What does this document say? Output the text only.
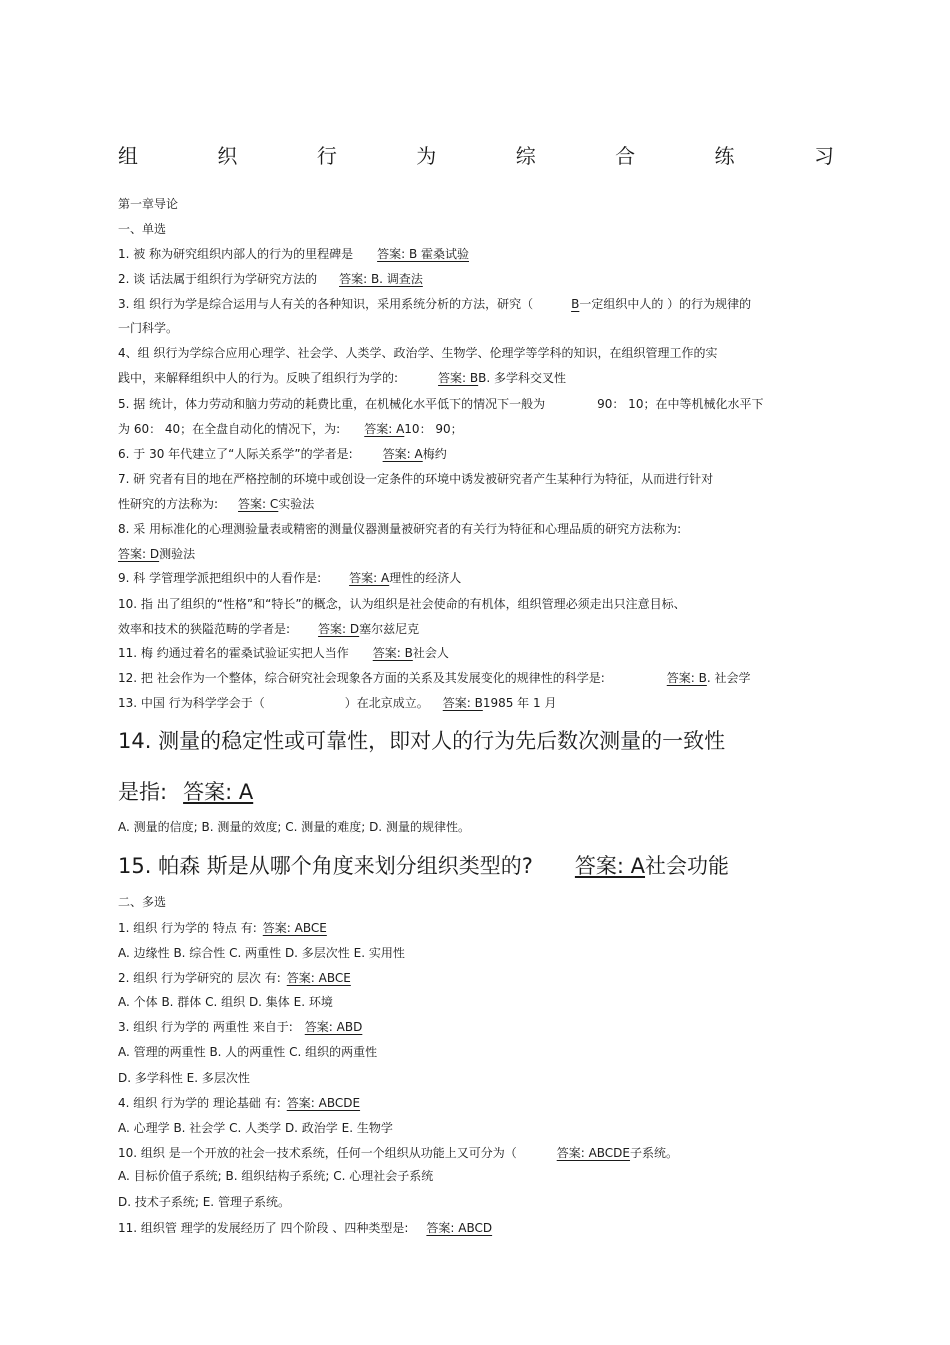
组	织	行	为	综	合	练	习
第一章导论
一、单选
1. 被 称为研究组织内部人的行为的里程碑是 答案: B 霍桑试验
2. 谈 话法属于组织行为学研究方法的 答案: B. 调查法
3. 组 织行为学是综合运用与人有关的各种知识，采用系统分析的方法，研究（	B一定组织中人的 ）的行为规律的
一门科学。
4、组 织行为学综合应用心理学、社会学、人类学、政治学、生物学、伦理学等学科的知识，在组织管理工作的实
践中，来解释组织中人的行为。反映了组织行为学的:	答案: BB. 多学科交叉性
5. 据 统计，体力劳动和脑力劳动的耗费比重，在机械化水平低下的情况下一般为	90： 10；在中等机械化水平下
为 60： 40；在全盘自动化的情况下，为: 答案: A10： 90；
6. 于 30 年代建立了“人际关系学”的学者是:	答案: A梅约
7. 研 究者有目的地在严格控制的环境中或创设一定条件的环境中诱发被研究者产生某种行为特征，从而进行针对
性研究的方法称为: 答案: C实验法
8. 采 用标准化的心理测验量表或精密的测量仪器测量被研究者的有关行为特征和心理品质的研究方法称为:
答案: D测验法
9. 科 学管理学派把组织中的人看作是: 答案: A理性的经济人
10. 指 出了组织的“性格”和“特长”的概念，认为组织是社会使命的有机体，组织管理必须走出只注意目标、
效率和技术的狭隘范畴的学者是: 答案: D塞尔兹尼克
11. 梅 约通过着名的霍桑试验证实把人当作 答案: B社会人
12. 把 社会作为一个整体，综合研究社会现象各方面的关系及其发展变化的规律性的科学是:	答案: B. 社会学
13. 中国 行为科学学会于（	）在北京成立。 答案: B1985 年 1 月
14. 测量的稳定性或可靠性，即对人的行为先后数次测量的一致性
是指: 答案: A
A. 测量的信度; B. 测量的效度; C. 测量的难度; D. 测量的规律性。
15. 帕森 斯是从哪个角度来划分组织类型的? 答案: A社会功能
二、多选
1. 组织 行为学的 特点 有: 答案: ABCE
A. 边缘性 B. 综合性 C. 两重性 D. 多层次性 E. 实用性
2. 组织 行为学研究的 层次 有: 答案: ABCE
A. 个体 B. 群体 C. 组织 D. 集体 E. 环境
3. 组织 行为学的 两重性 来自于: 答案: ABD
A. 管理的两重性 B. 人的两重性 C. 组织的两重性
D. 多学科性 E. 多层次性
4. 组织 行为学的 理论基础 有: 答案: ABCDE
A. 心理学 B. 社会学 C. 人类学 D. 政治学 E. 生物学
10. 组织 是一个开放的社会一技术系统，任何一个组织从功能上又可分为（	答案: ABCDE子系统。
A. 目标价值子系统; B. 组织结构子系统; C. 心理社会子系统
D. 技术子系统; E. 管理子系统。
11. 组织管 理学的发展经历了 四个阶段 、四种类型是: 答案: ABCD
